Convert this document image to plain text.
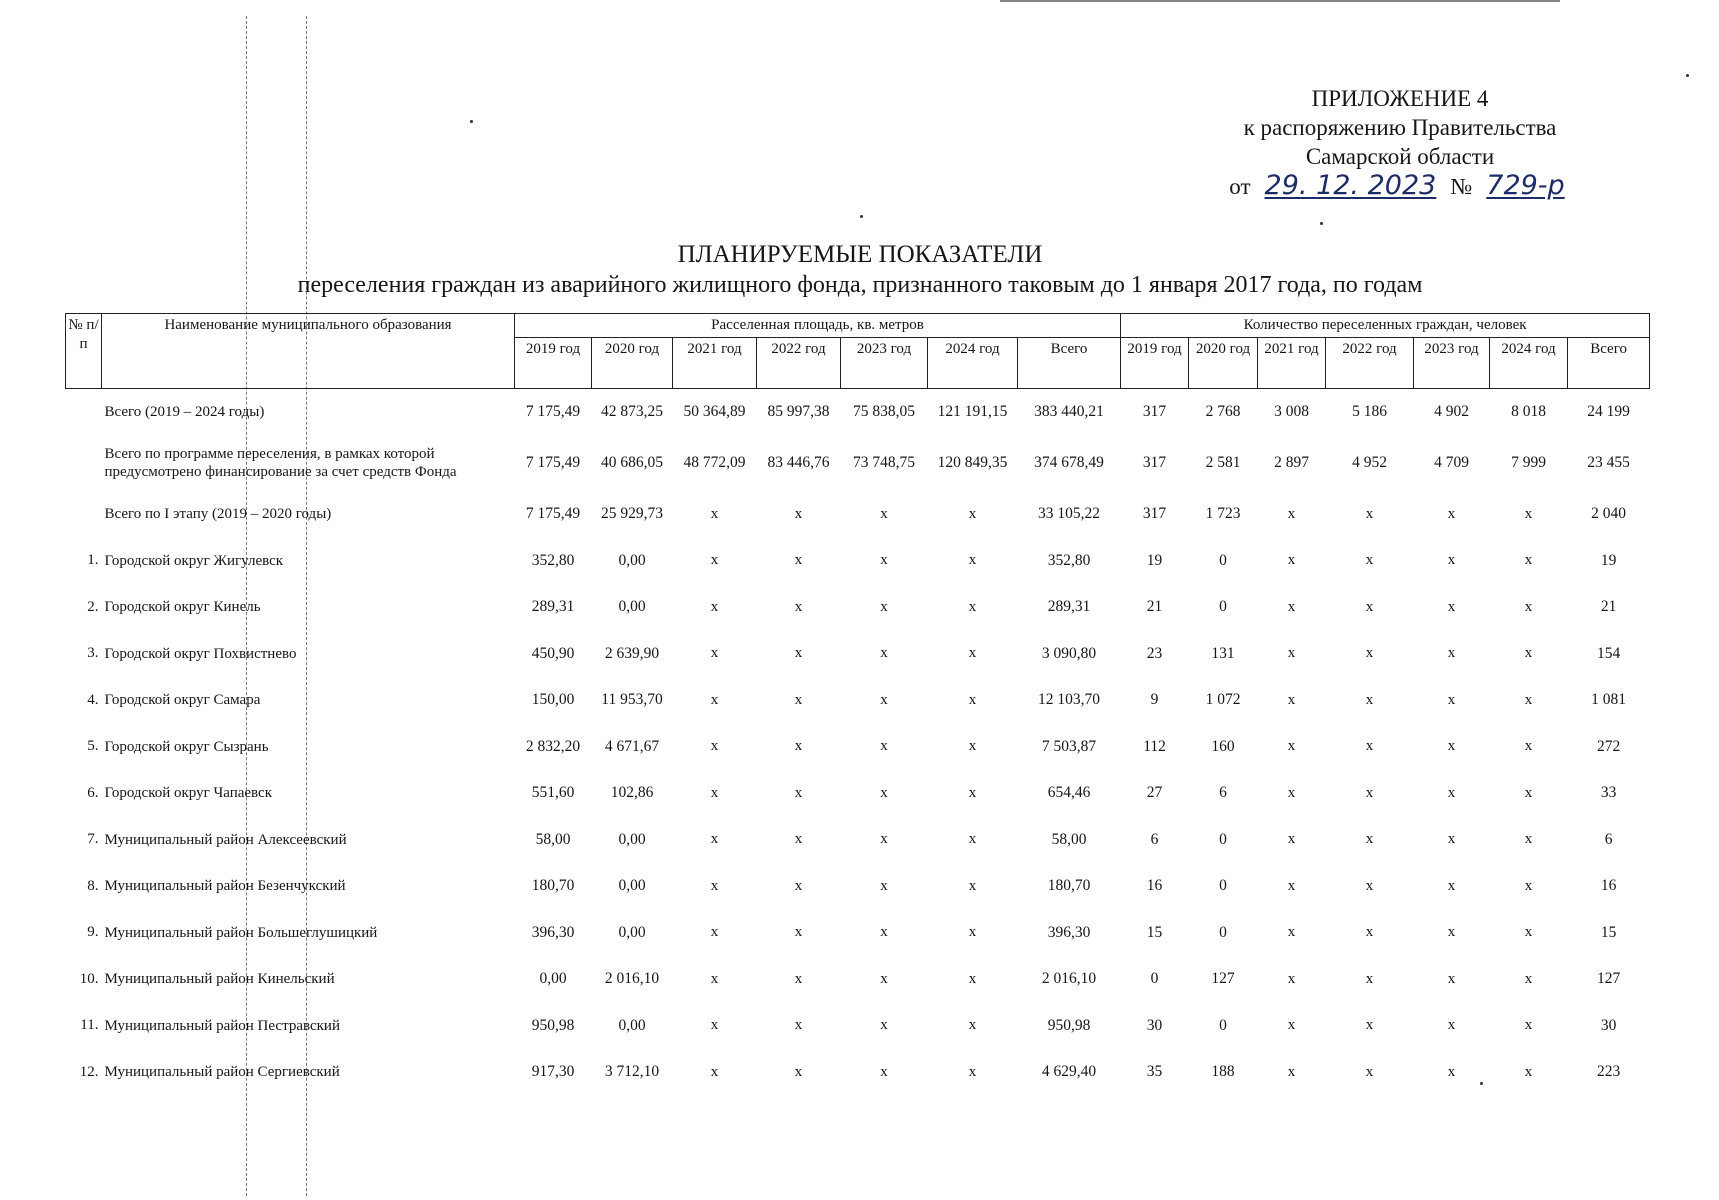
ПРИЛОЖЕНИЕ 4
к распоряжению Правительства
Самарской области
от 29. 12. 2023 № 729-р
ПЛАНИРУЕМЫЕ ПОКАЗАТЕЛИ
переселения граждан из аварийного жилищного фонда, признанного таковым до 1 января 2017 года, по годам
№ п/п	Наименование муниципального образования	Расселенная площадь, кв. метров							Количество переселенных граждан, человек						
		2019 год	2020 год	2021 год	2022 год	2023 год	2024 год	Всего	2019 год	2020 год	2021 год	2022 год	2023 год	2024 год	Всего
	Всего (2019 – 2024 годы)	7 175,49	42 873,25	50 364,89	85 997,38	75 838,05	121 191,15	383 440,21	317	2 768	3 008	5 186	4 902	8 018	24 199
	Всего по программе переселения, в рамках которой предусмотрено финансирование за счет средств Фонда	7 175,49	40 686,05	48 772,09	83 446,76	73 748,75	120 849,35	374 678,49	317	2 581	2 897	4 952	4 709	7 999	23 455
	Всего по I этапу (2019 – 2020 годы)	7 175,49	25 929,73	x	x	x	x	33 105,22	317	1 723	x	x	x	x	2 040
1.	Городской округ Жигулевск	352,80	0,00	x	x	x	x	352,80	19	0	x	x	x	x	19
2.	Городской округ Кинель	289,31	0,00	x	x	x	x	289,31	21	0	x	x	x	x	21
3.	Городской округ Похвистнево	450,90	2 639,90	x	x	x	x	3 090,80	23	131	x	x	x	x	154
4.	Городской округ Самара	150,00	11 953,70	x	x	x	x	12 103,70	9	1 072	x	x	x	x	1 081
5.	Городской округ Сызрань	2 832,20	4 671,67	x	x	x	x	7 503,87	112	160	x	x	x	x	272
6.	Городской округ Чапаевск	551,60	102,86	x	x	x	x	654,46	27	6	x	x	x	x	33
7.	Муниципальный район Алексеевский	58,00	0,00	x	x	x	x	58,00	6	0	x	x	x	x	6
8.	Муниципальный район Безенчукский	180,70	0,00	x	x	x	x	180,70	16	0	x	x	x	x	16
9.	Муниципальный район Большеглушицкий	396,30	0,00	x	x	x	x	396,30	15	0	x	x	x	x	15
10.	Муниципальный район Кинельский	0,00	2 016,10	x	x	x	x	2 016,10	0	127	x	x	x	x	127
11.	Муниципальный район Пестравский	950,98	0,00	x	x	x	x	950,98	30	0	x	x	x	x	30
12.	Муниципальный район Сергиевский	917,30	3 712,10	x	x	x	x	4 629,40	35	188	x	x	x	x	223
